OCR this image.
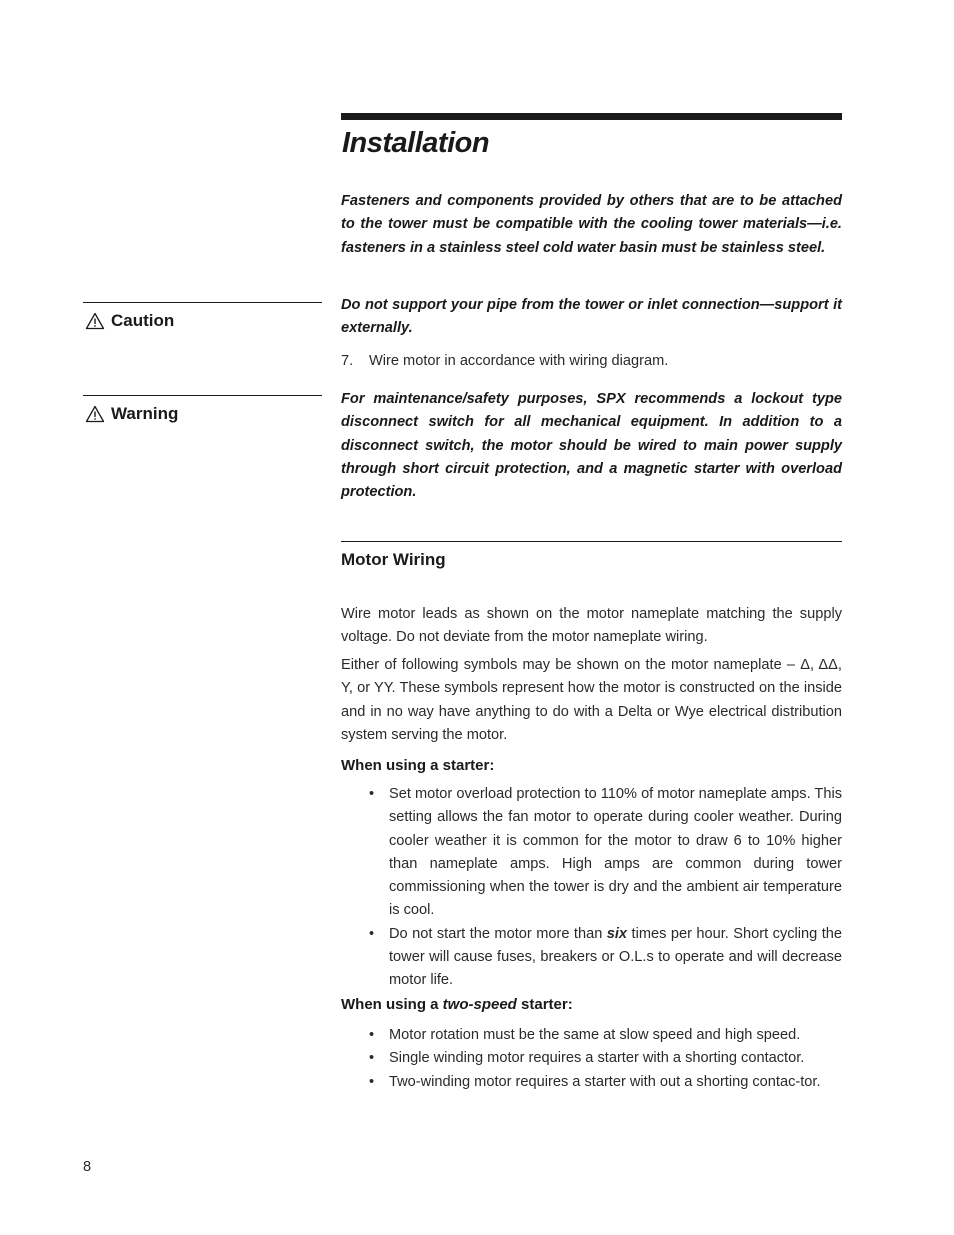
Installation

Fasteners and components provided by others that are to be attached to the tower must be compatible with the cooling tower materials—i.e. fasteners in a stainless steel cold water basin must be stainless steel.

Caution

Do not support your pipe from the tower or inlet connection—support it externally.

7. Wire motor in accordance with wiring diagram.
Warning

For maintenance/safety purposes, SPX recommends a lockout type disconnect switch for all mechanical equipment. In addition to a disconnect switch, the motor should be wired to main power supply through short circuit protection, and a magnetic starter with overload protection.

Motor Wiring

Wire motor leads as shown on the motor nameplate matching the supply voltage. Do not deviate from the motor nameplate wiring.

Either of following symbols may be shown on the motor nameplate – Δ, ΔΔ, Y, or YY. These symbols represent how the motor is constructed on the inside and in no way have anything to do with a Delta or Wye electrical distribution system serving the motor.

When using a starter:

• Set motor overload protection to 110% of motor nameplate amps. This setting allows the fan motor to operate during cooler weather. During cooler weather it is common for the motor to draw 6 to 10% higher than nameplate amps. High amps are common during tower commissioning when the tower is dry and the ambient air temperature is cool.
• Do not start the motor more than six times per hour. Short cycling the tower will cause fuses, breakers or O.L.s to operate and will decrease motor life.

When using a two-speed starter:

• Motor rotation must be the same at slow speed and high speed.
• Single winding motor requires a starter with a shorting contactor.
• Two-winding motor requires a starter with out a shorting contac-tor.
8
